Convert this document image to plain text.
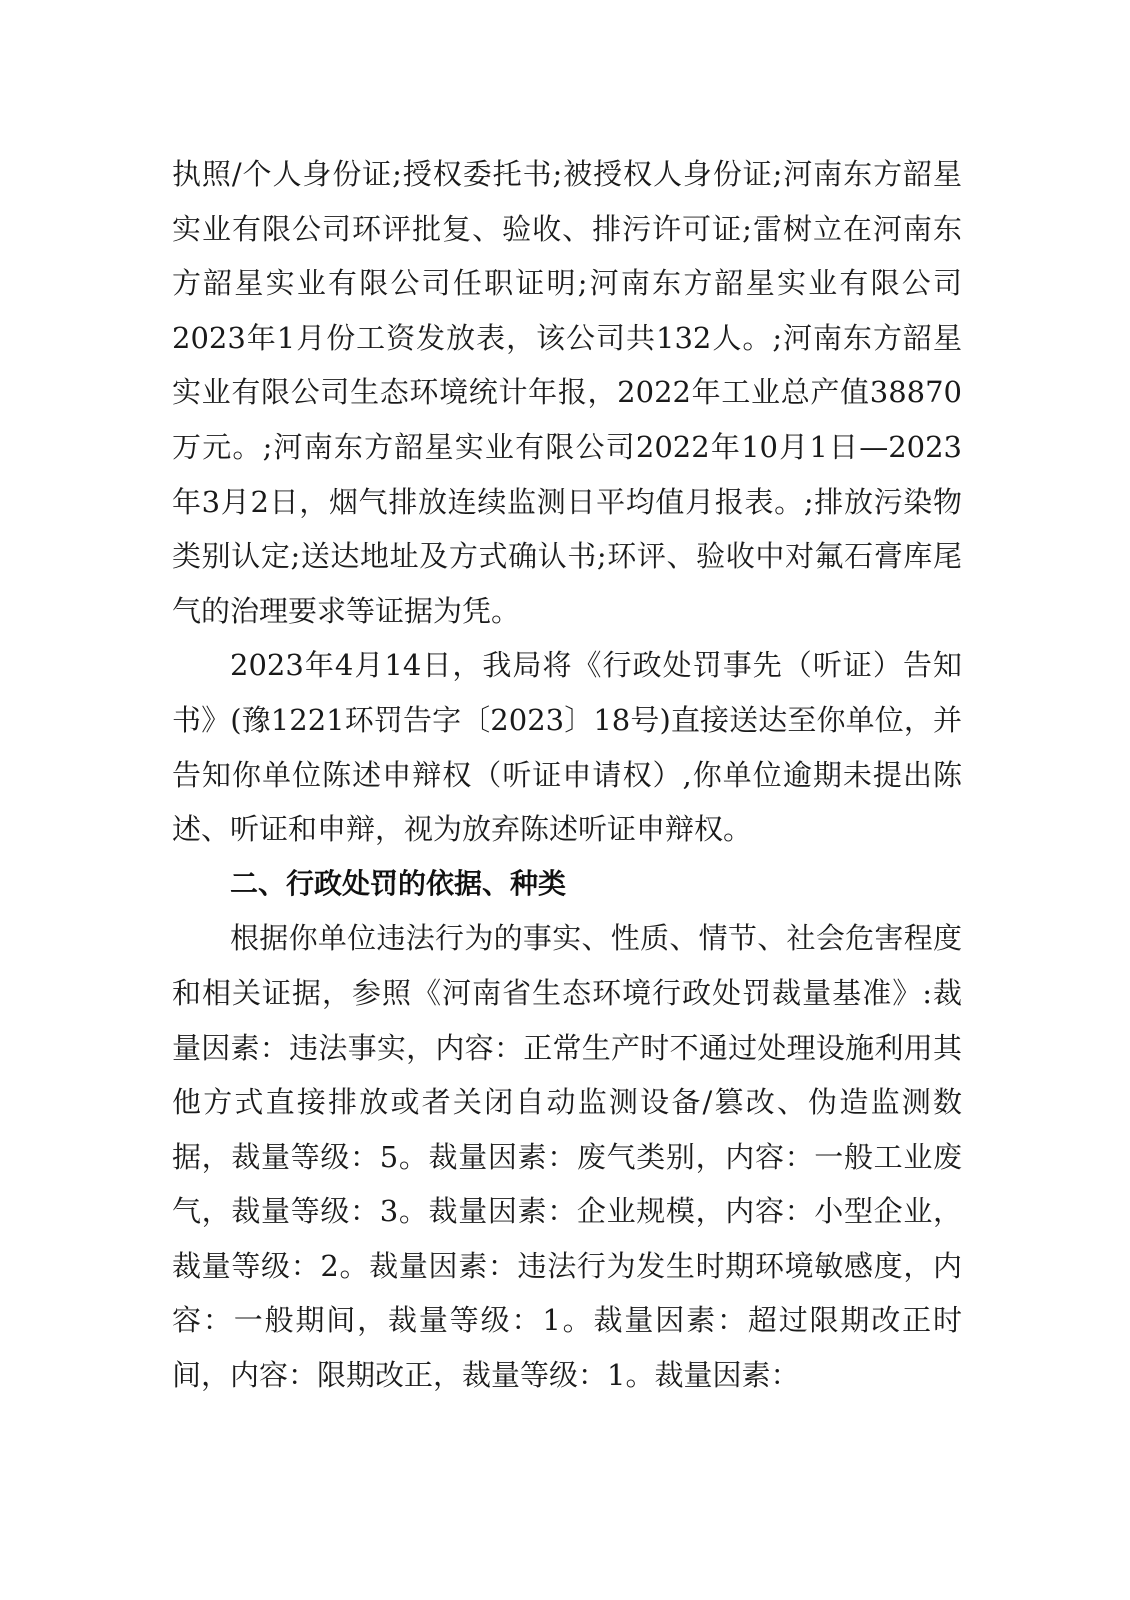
执照/个人身份证;授权委托书;被授权人身份证;河南东方韶星实业有限公司环评批复、验收、排污许可证;雷树立在河南东方韶星实业有限公司任职证明;河南东方韶星实业有限公司2023年1月份工资发放表，该公司共132人。;河南东方韶星实业有限公司生态环境统计年报，2022年工业总产值38870万元。;河南东方韶星实业有限公司2022年10月1日—2023年3月2日，烟气排放连续监测日平均值月报表。;排放污染物类别认定;送达地址及方式确认书;环评、验收中对氟石膏库尾气的治理要求等证据为凭。

2023年4月14日，我局将《行政处罚事先（听证）告知书》(豫1221环罚告字〔2023〕18号)直接送达至你单位，并告知你单位陈述申辩权（听证申请权）,你单位逾期未提出陈述、听证和申辩，视为放弃陈述听证申辩权。

二、行政处罚的依据、种类

根据你单位违法行为的事实、性质、情节、社会危害程度和相关证据，参照《河南省生态环境行政处罚裁量基准》:裁量因素：违法事实，内容：正常生产时不通过处理设施利用其他方式直接排放或者关闭自动监测设备/篡改、伪造监测数据，裁量等级：5。裁量因素：废气类别，内容：一般工业废气，裁量等级：3。裁量因素：企业规模，内容：小型企业，裁量等级：2。裁量因素：违法行为发生时期环境敏感度，内容：一般期间，裁量等级：1。裁量因素：超过限期改正时间，内容：限期改正，裁量等级：1。裁量因素：
